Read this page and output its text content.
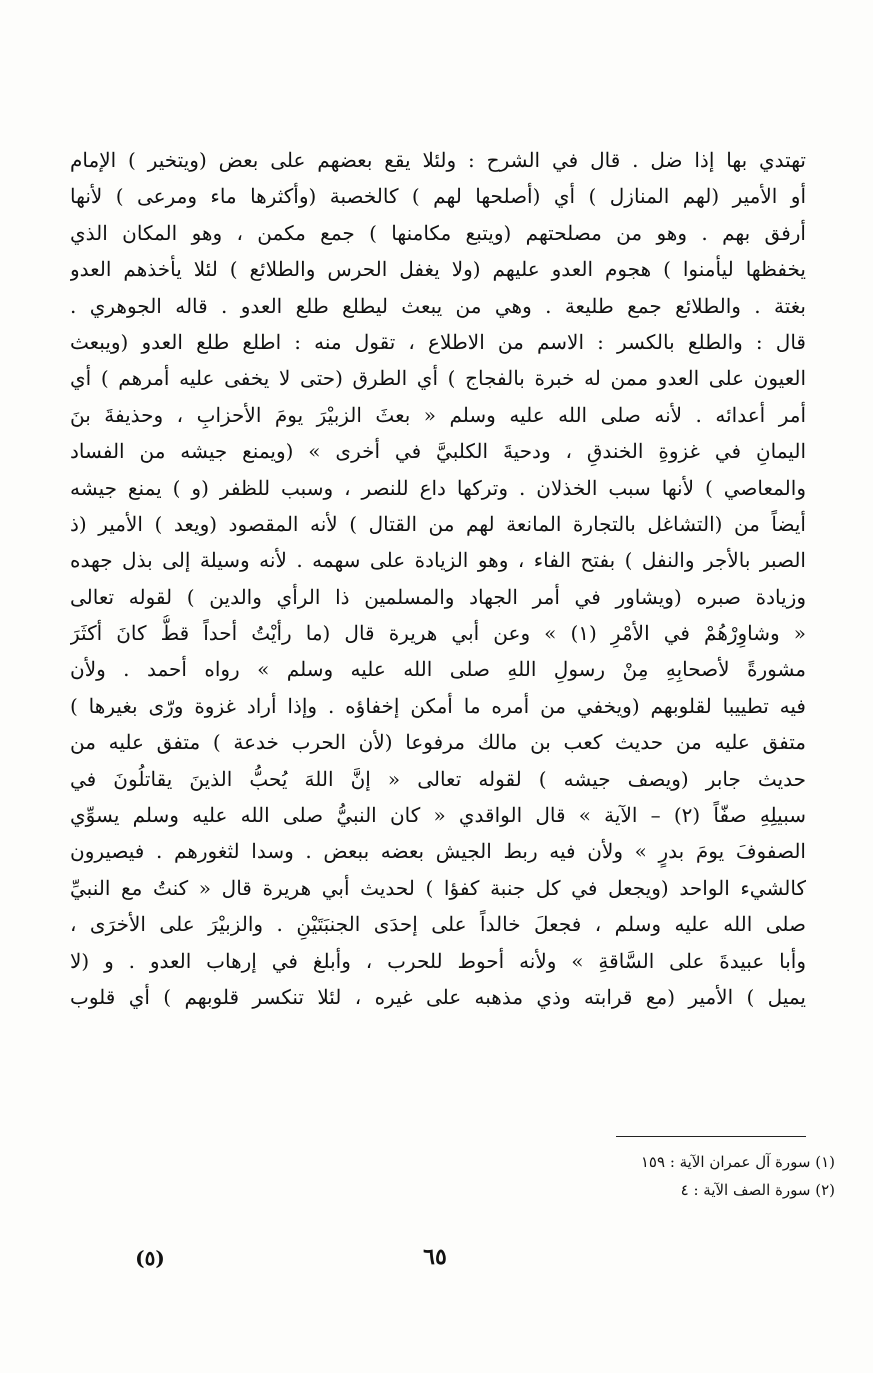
تهتدي بها إذا ضل . قال في الشرح : ولئلا يقع بعضهم على بعض (ويتخير ) الإمام
أو الأمير (لهم المنازل ) أي (أصلحها لهم ) كالخصبة (وأكثرها ماء ومرعى ) لأنها
أرفق بهم . وهو من مصلحتهم (ويتبع مكامنها ) جمع مكمن ، وهو المكان الذي
يخفظها ليأمنوا ) هجوم العدو عليهم (ولا يغفل الحرس والطلائع ) لئلا يأخذهم العدو
بغتة . والطلائع جمع طليعة . وهي من يبعث ليطلع طلع العدو . قاله الجوهري .
قال : والطلع بالكسر : الاسم من الاطلاع ، تقول منه : اطلع طلع العدو (ويبعث
العيون على العدو ممن له خبرة بالفجاج ) أي الطرق (حتى لا يخفى عليه أمرهم ) أي
أمر أعدائه . لأنه صلى الله عليه وسلم « بعثَ الزبيْرَ يومَ الأحزابِ ، وحذيفةَ بنَ
اليمانِ في غزوةِ الخندقِ ، ودحيةَ الكلبيَّ في أخرى » (ويمنع جيشه من الفساد
والمعاصي ) لأنها سبب الخذلان . وتركها داع للنصر ، وسبب للظفر (و ) يمنع جيشه
أيضاً من (التشاغل بالتجارة المانعة لهم من القتال ) لأنه المقصود (ويعد ) الأمير (ذ
الصبر بالأجر والنفل ) بفتح الفاء ، وهو الزيادة على سهمه . لأنه وسيلة إلى بذل جهده
وزيادة صبره (ويشاور في أمر الجهاد والمسلمين ذا الرأي والدين ) لقوله تعالى
« وشاوِرْهُمْ في الأمْرِ (١) » وعن أبي هريرة قال (ما رأيْتُ أحداً قطُّ كانَ أكثَرَ
مشورةً لأصحابِهِ مِنْ رسولِ اللهِ صلى الله عليه وسلم » رواه أحمد . ولأن
فيه تطييبا لقلوبهم (ويخفي من أمره ما أمكن إخفاؤه . وإذا أراد غزوة ورّى بغيرها )
متفق عليه من حديث كعب بن مالك مرفوعا (لأن الحرب خدعة ) متفق عليه من
حديث جابر (ويصف جيشه ) لقوله تعالى « إنَّ اللهَ يُحبُّ الذينَ يقاتلُونَ في
سبيلِهِ صفّاً (٢) – الآية » قال الواقدي « كان النبيُّ صلى الله عليه وسلم يسوِّي
الصفوفَ يومَ بدرٍ » ولأن فيه ربط الجيش بعضه ببعض . وسدا لثغورهم . فيصيرون
كالشيء الواحد (ويجعل في كل جنبة كفؤا ) لحديث أبي هريرة قال « كنتُ مع النبيِّ
صلى الله عليه وسلم ، فجعلَ خالداً على إحدَى الجنبَتَيْنِ . والزبيْرَ على الأخرَى ،
وأبا عبيدةَ على السَّاقةِ » ولأنه أحوط للحرب ، وأبلغ في إرهاب العدو . و (لا
يميل ) الأمير (مع قرابته وذي مذهبه على غيره ، لئلا تنكسر قلوبهم ) أي قلوب
(١) سورة آل عمران الآية : ١٥٩
(٢) سورة الصف الآية : ٤
٦٥
(٥)
